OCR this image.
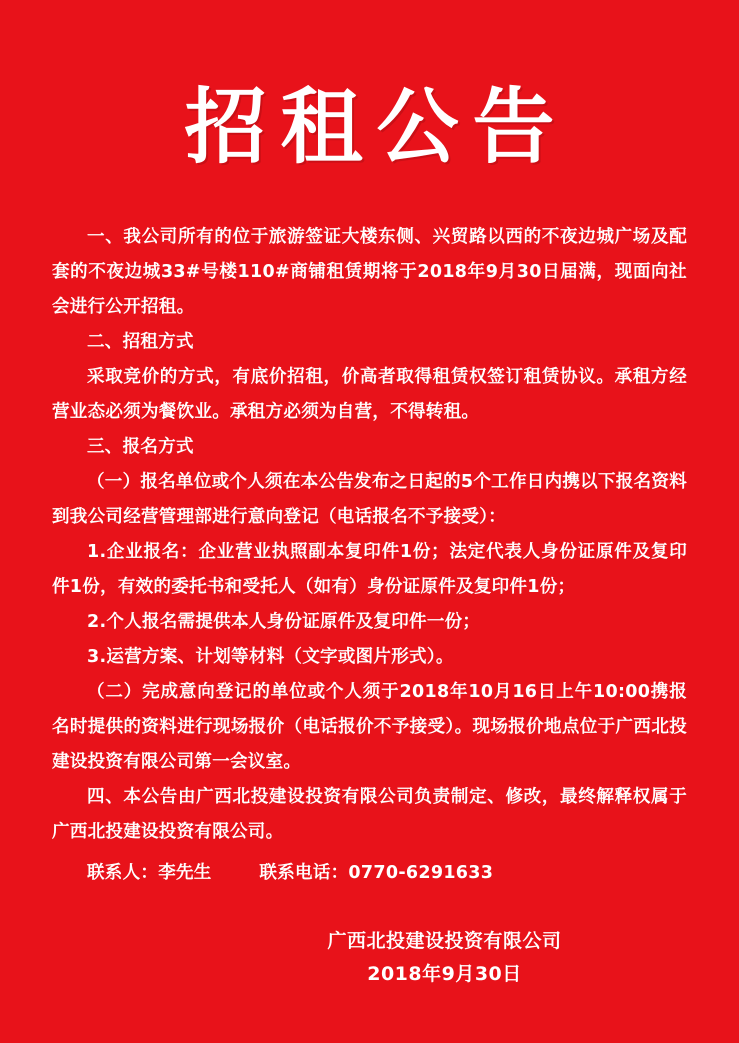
招租公告

一、我公司所有的位于旅游签证大楼东侧、兴贸路以西的不夜边城广场及配套的不夜边城33#号楼110#商铺租赁期将于2018年9月30日届满，现面向社会进行公开招租。

二、招租方式

采取竞价的方式，有底价招租，价高者取得租赁权签订租赁协议。承租方经营业态必须为餐饮业。承租方必须为自营，不得转租。

三、报名方式

（一）报名单位或个人须在本公告发布之日起的5个工作日内携以下报名资料到我公司经营管理部进行意向登记（电话报名不予接受）：

1.企业报名：企业营业执照副本复印件1份；法定代表人身份证原件及复印件1份，有效的委托书和受托人（如有）身份证原件及复印件1份；

2.个人报名需提供本人身份证原件及复印件一份；

3.运营方案、计划等材料（文字或图片形式）。

（二）完成意向登记的单位或个人须于2018年10月16日上午10:00携报名时提供的资料进行现场报价（电话报价不予接受）。现场报价地点位于广西北投建设投资有限公司第一会议室。

四、本公告由广西北投建设投资有限公司负责制定、修改，最终解释权属于广西北投建设投资有限公司。

联系人：李先生	联系电话：0770-6291633
广西北投建设投资有限公司
2018年9月30日
